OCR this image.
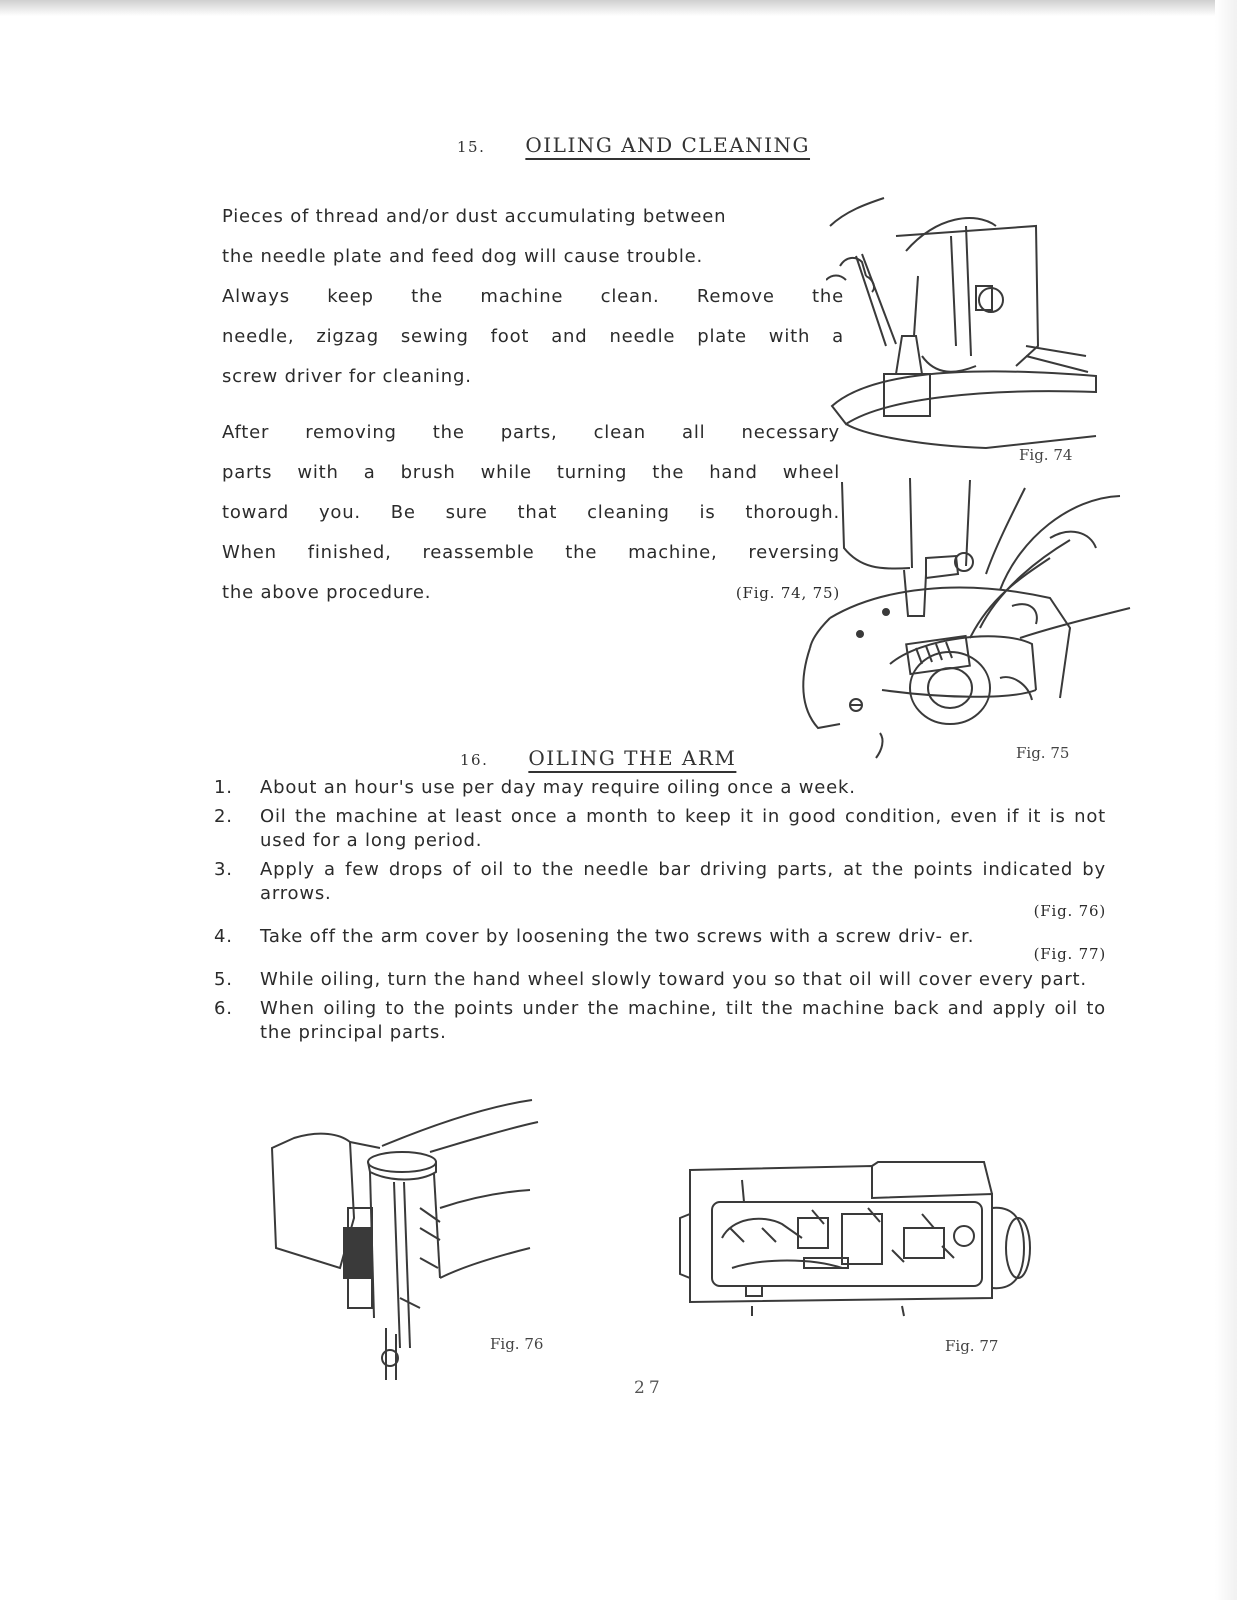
15. OILING AND CLEANING
Pieces of thread and/or dust accumulating between
the needle plate and feed dog will cause trouble.
Always keep the machine clean. Remove the
needle, zigzag sewing foot and needle plate with a
screw driver for cleaning.
After removing the parts, clean all necessary
parts with a brush while turning the hand wheel
toward you. Be sure that cleaning is thorough.
When finished, reassemble the machine, reversing
the above procedure.	(Fig. 74, 75)
Fig. 74
Fig. 75
16. OILING THE ARM
1. About an hour's use per day may require oiling once a week.
2. Oil the machine at least once a month to keep it in good condition, even if it is not used for a long period.
3. Apply a few drops of oil to the needle bar driving parts, at the points indicated by arrows.
(Fig. 76)
4. Take off the arm cover by loosening the two screws with a screw driv- er.
(Fig. 77)
5. While oiling, turn the hand wheel slowly toward you so that oil will cover every part.
6. When oiling to the points under the machine, tilt the machine back and apply oil to the principal parts.
Fig. 76	Fig. 77
27
